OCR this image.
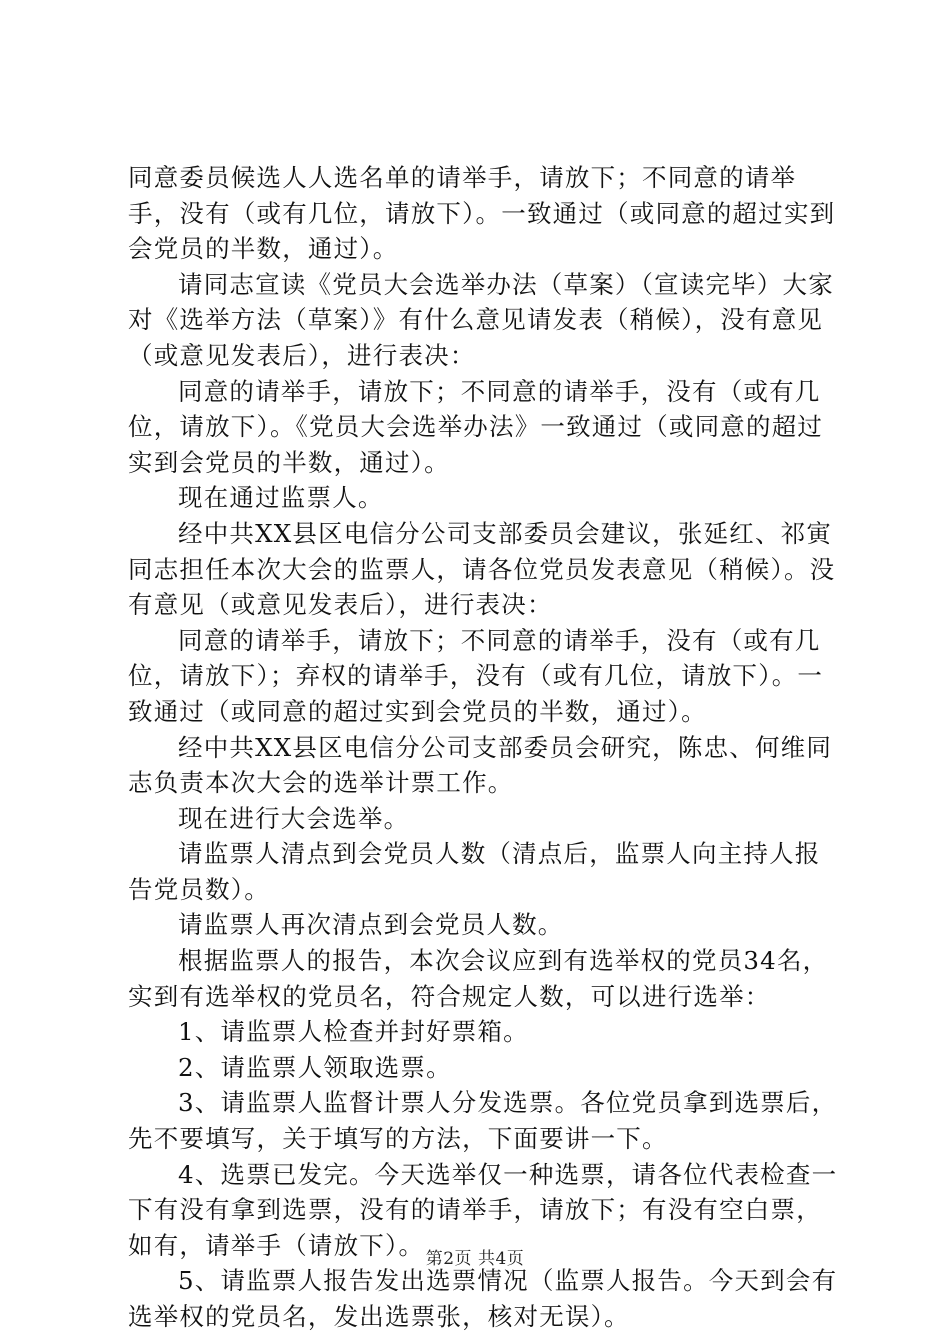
同意委员候选人人选名单的请举手，请放下；不同意的请举手，没有（或有几位，请放下）。一致通过（或同意的超过实到会党员的半数，通过）。

请同志宣读《党员大会选举办法（草案）（宣读完毕）大家对《选举方法（草案）》有什么意见请发表（稍候），没有意见（或意见发表后），进行表决：

同意的请举手，请放下；不同意的请举手，没有（或有几位，请放下）。《党员大会选举办法》一致通过（或同意的超过实到会党员的半数，通过）。

现在通过监票人。

经中共XX县区电信分公司支部委员会建议，张延红、祁寅同志担任本次大会的监票人，请各位党员发表意见（稍候）。没有意见（或意见发表后），进行表决：

同意的请举手，请放下；不同意的请举手，没有（或有几位，请放下）；弃权的请举手，没有（或有几位，请放下）。一致通过（或同意的超过实到会党员的半数，通过）。

经中共XX县区电信分公司支部委员会研究，陈忠、何维同志负责本次大会的选举计票工作。

现在进行大会选举。

请监票人清点到会党员人数（清点后，监票人向主持人报告党员数）。

请监票人再次清点到会党员人数。

根据监票人的报告，本次会议应到有选举权的党员34名，实到有选举权的党员名，符合规定人数，可以进行选举：

1、请监票人检查并封好票箱。

2、请监票人领取选票。

3、请监票人监督计票人分发选票。各位党员拿到选票后，先不要填写，关于填写的方法，下面要讲一下。

4、选票已发完。今天选举仅一种选票，请各位代表检查一下有没有拿到选票，没有的请举手，请放下；有没有空白票，如有，请举手（请放下）。

5、请监票人报告发出选票情况（监票人报告。今天到会有选举权的党员名，发出选票张，核对无误）。

第2页 共4页
